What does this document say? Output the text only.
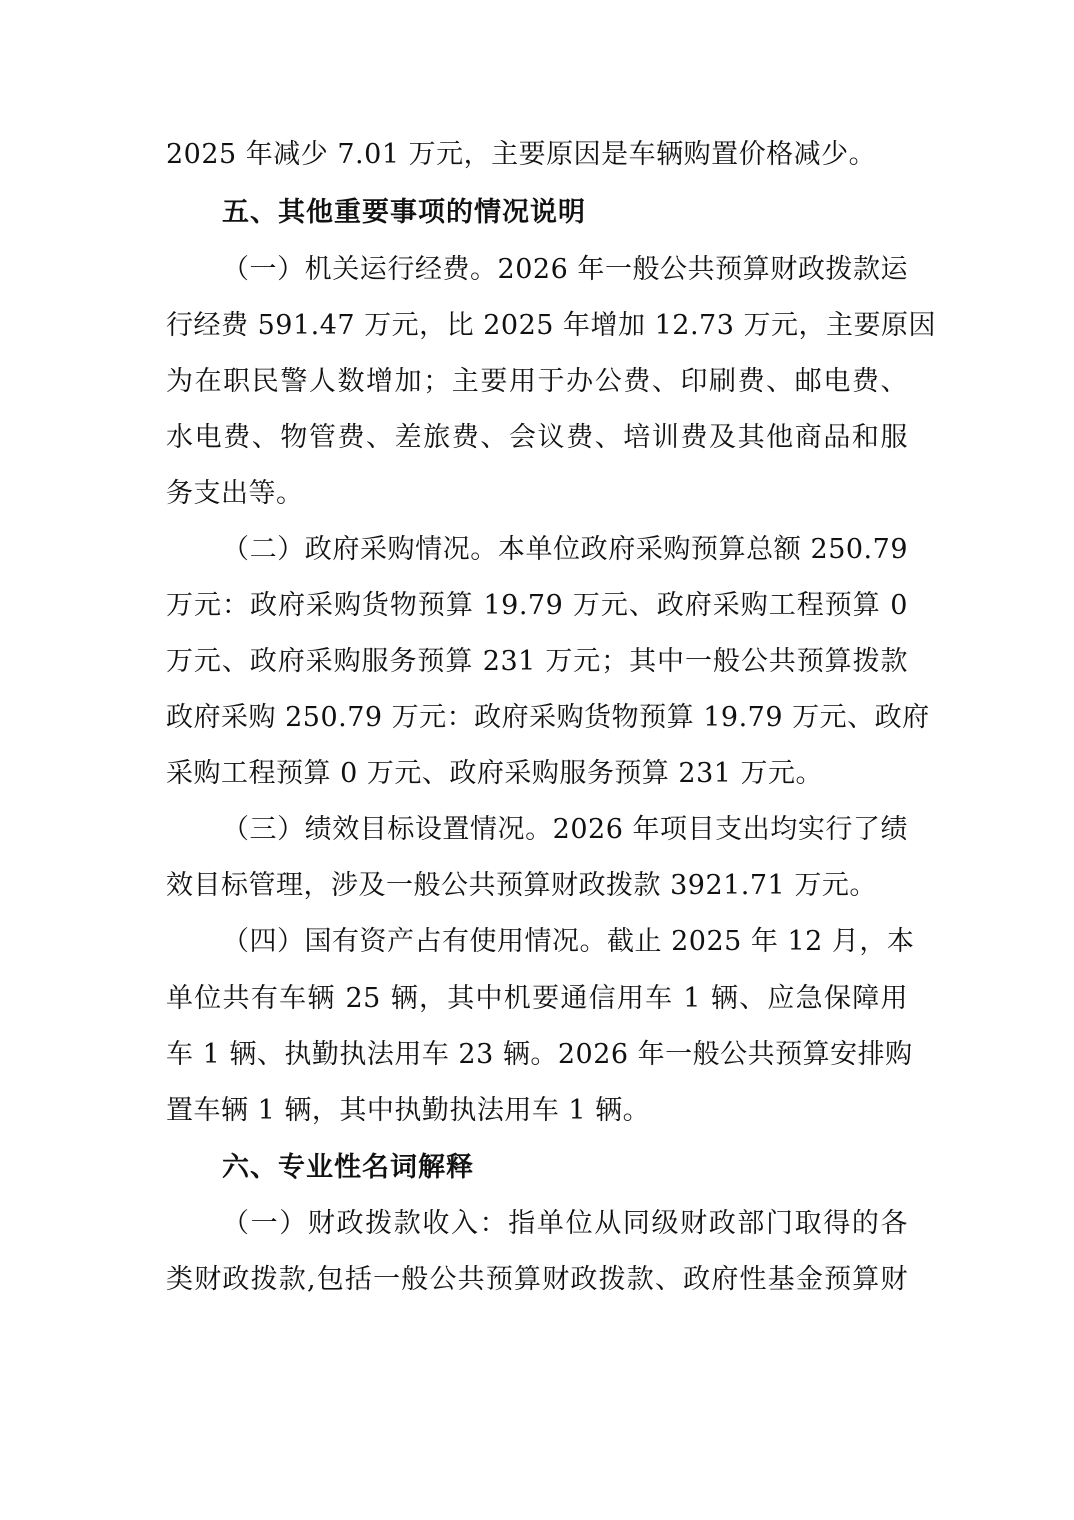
2025 年减少 7.01 万元，主要原因是车辆购置价格减少。
五、其他重要事项的情况说明
（一）机关运行经费。2026 年一般公共预算财政拨款运
行经费 591.47 万元，比 2025 年增加 12.73 万元，主要原因
为在职民警人数增加；主要用于办公费、印刷费、邮电费、
水电费、物管费、差旅费、会议费、培训费及其他商品和服
务支出等。
（二）政府采购情况。本单位政府采购预算总额 250.79
万元：政府采购货物预算 19.79 万元、政府采购工程预算 0
万元、政府采购服务预算 231 万元；其中一般公共预算拨款
政府采购 250.79 万元：政府采购货物预算 19.79 万元、政府
采购工程预算 0 万元、政府采购服务预算 231 万元。
（三）绩效目标设置情况。2026 年项目支出均实行了绩
效目标管理，涉及一般公共预算财政拨款 3921.71 万元。
（四）国有资产占有使用情况。截止 2025 年 12 月，本
单位共有车辆 25 辆，其中机要通信用车 1 辆、应急保障用
车 1 辆、执勤执法用车 23 辆。2026 年一般公共预算安排购
置车辆 1 辆，其中执勤执法用车 1 辆。
六、专业性名词解释
（一）财政拨款收入：指单位从同级财政部门取得的各
类财政拨款,包括一般公共预算财政拨款、政府性基金预算财
